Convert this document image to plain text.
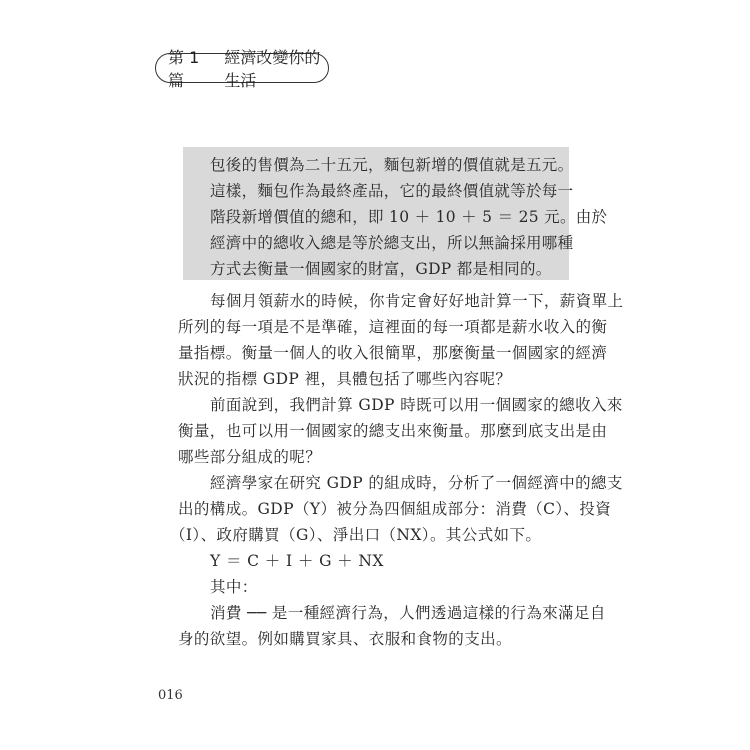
第 1 篇
經濟改變你的生活
包後的售價為二十五元，麵包新增的價值就是五元。
這樣，麵包作為最終產品，它的最終價值就等於每一
階段新增價值的總和，即 10 ＋ 10 ＋ 5 ＝ 25 元。由於
經濟中的總收入總是等於總支出，所以無論採用哪種
方式去衡量一個國家的財富，GDP 都是相同的。
每個月領薪水的時候，你肯定會好好地計算一下，薪資單上
所列的每一項是不是準確，這裡面的每一項都是薪水收入的衡
量指標。衡量一個人的收入很簡單，那麼衡量一個國家的經濟
狀況的指標 GDP 裡，具體包括了哪些內容呢？
前面說到，我們計算 GDP 時既可以用一個國家的總收入來
衡量，也可以用一個國家的總支出來衡量。那麼到底支出是由
哪些部分組成的呢？
經濟學家在研究 GDP 的組成時，分析了一個經濟中的總支
出的構成。GDP（Y）被分為四個組成部分：消費（C）、投資
（I）、政府購買（G）、淨出口（NX）。其公式如下。
Y ＝ C ＋ I ＋ G ＋ NX
其中：
消費 ── 是一種經濟行為，人們透過這樣的行為來滿足自
身的欲望。例如購買家具、衣服和食物的支出。
016
